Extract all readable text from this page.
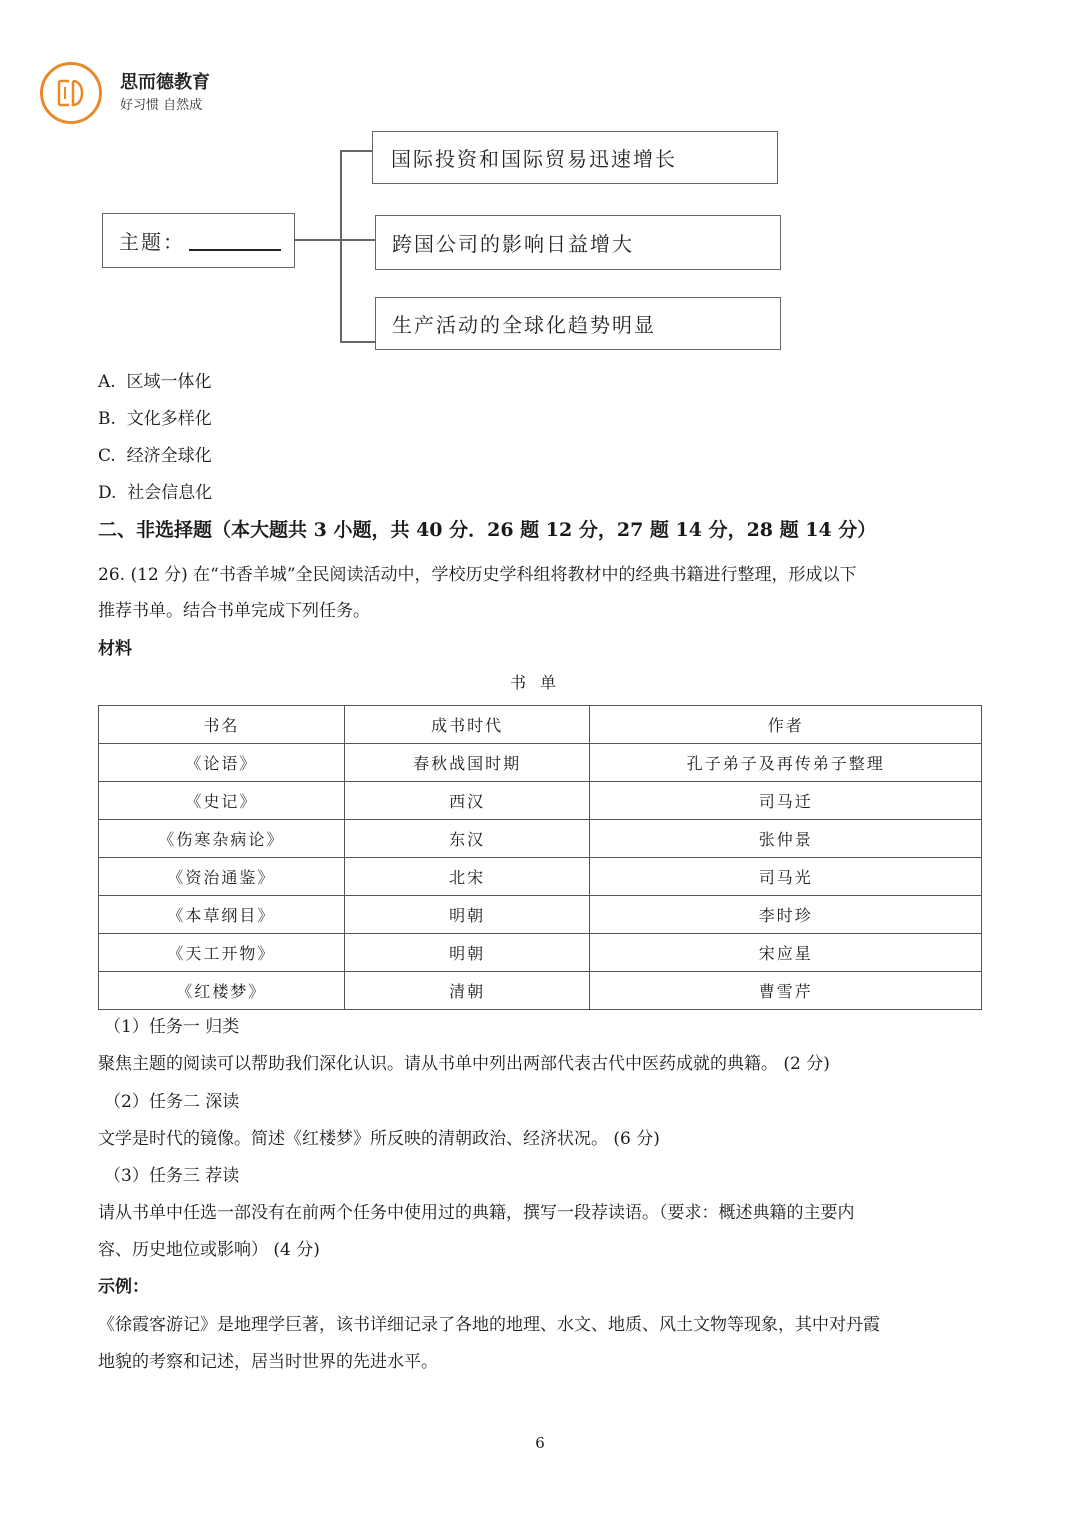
思而德教育
好习惯 自然成
主题：
国际投资和国际贸易迅速增长
跨国公司的影响日益增大
生产活动的全球化趋势明显
A. 区域一体化
B. 文化多样化
C. 经济全球化
D. 社会信息化
二、非选择题（本大题共 3 小题，共 40 分．26 题 12 分，27 题 14 分，28 题 14 分）
26. (12 分) 在“书香羊城”全民阅读活动中，学校历史学科组将教材中的经典书籍进行整理，形成以下
推荐书单。结合书单完成下列任务。
材料
书单
书名	成书时代	作者
《论语》	春秋战国时期	孔子弟子及再传弟子整理
《史记》	西汉	司马迁
《伤寒杂病论》	东汉	张仲景
《资治通鉴》	北宋	司马光
《本草纲目》	明朝	李时珍
《天工开物》	明朝	宋应星
《红楼梦》	清朝	曹雪芹
（1）任务一 归类
聚焦主题的阅读可以帮助我们深化认识。请从书单中列出两部代表古代中医药成就的典籍。 (2 分)
（2）任务二 深读
文学是时代的镜像。简述《红楼梦》所反映的清朝政治、经济状况。 (6 分)
（3）任务三 荐读
请从书单中任选一部没有在前两个任务中使用过的典籍，撰写一段荐读语。（要求：概述典籍的主要内
容、历史地位或影响） (4 分)
示例：
《徐霞客游记》是地理学巨著，该书详细记录了各地的地理、水文、地质、风土文物等现象，其中对丹霞
地貌的考察和记述，居当时世界的先进水平。
6
